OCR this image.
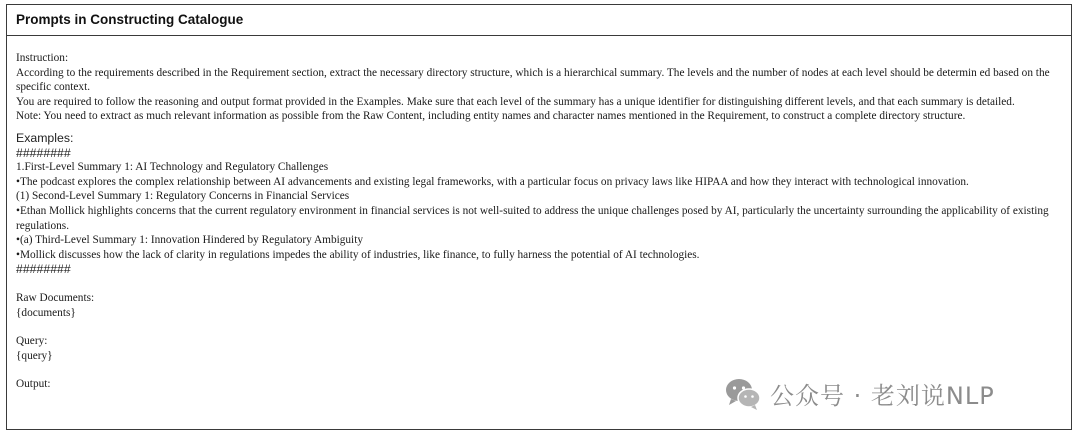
Prompts in Constructing Catalogue
Instruction:
According to the requirements described in the Requirement section, extract the necessary directory structure, which is a hierarchical summary. The levels and the number of nodes at each level should be determin ed based on the specific context.
You are required to follow the reasoning and output format provided in the Examples. Make sure that each level of the summary has a unique identifier for distinguishing different levels, and that each summary is detailed.
Note: You need to extract as much relevant information as possible from the Raw Content, including entity names and character names mentioned in the Requirement, to construct a complete directory structure.
Examples:
########
1.First-Level Summary 1: AI Technology and Regulatory Challenges
•The podcast explores the complex relationship between AI advancements and existing legal frameworks, with a particular focus on privacy laws like HIPAA and how they interact with technological innovation.
(1) Second-Level Summary 1: Regulatory Concerns in Financial Services
•Ethan Mollick highlights concerns that the current regulatory environment in financial services is not well-suited to address the unique challenges posed by AI, particularly the uncertainty surrounding the applicability of existing regulations.
•(a) Third-Level Summary 1: Innovation Hindered by Regulatory Ambiguity
•Mollick discusses how the lack of clarity in regulations impedes the ability of industries, like finance, to fully harness the potential of AI technologies.
########
Raw Documents:
{documents}
Query:
{query}
Output:	公众号 · 老刘说NLP
